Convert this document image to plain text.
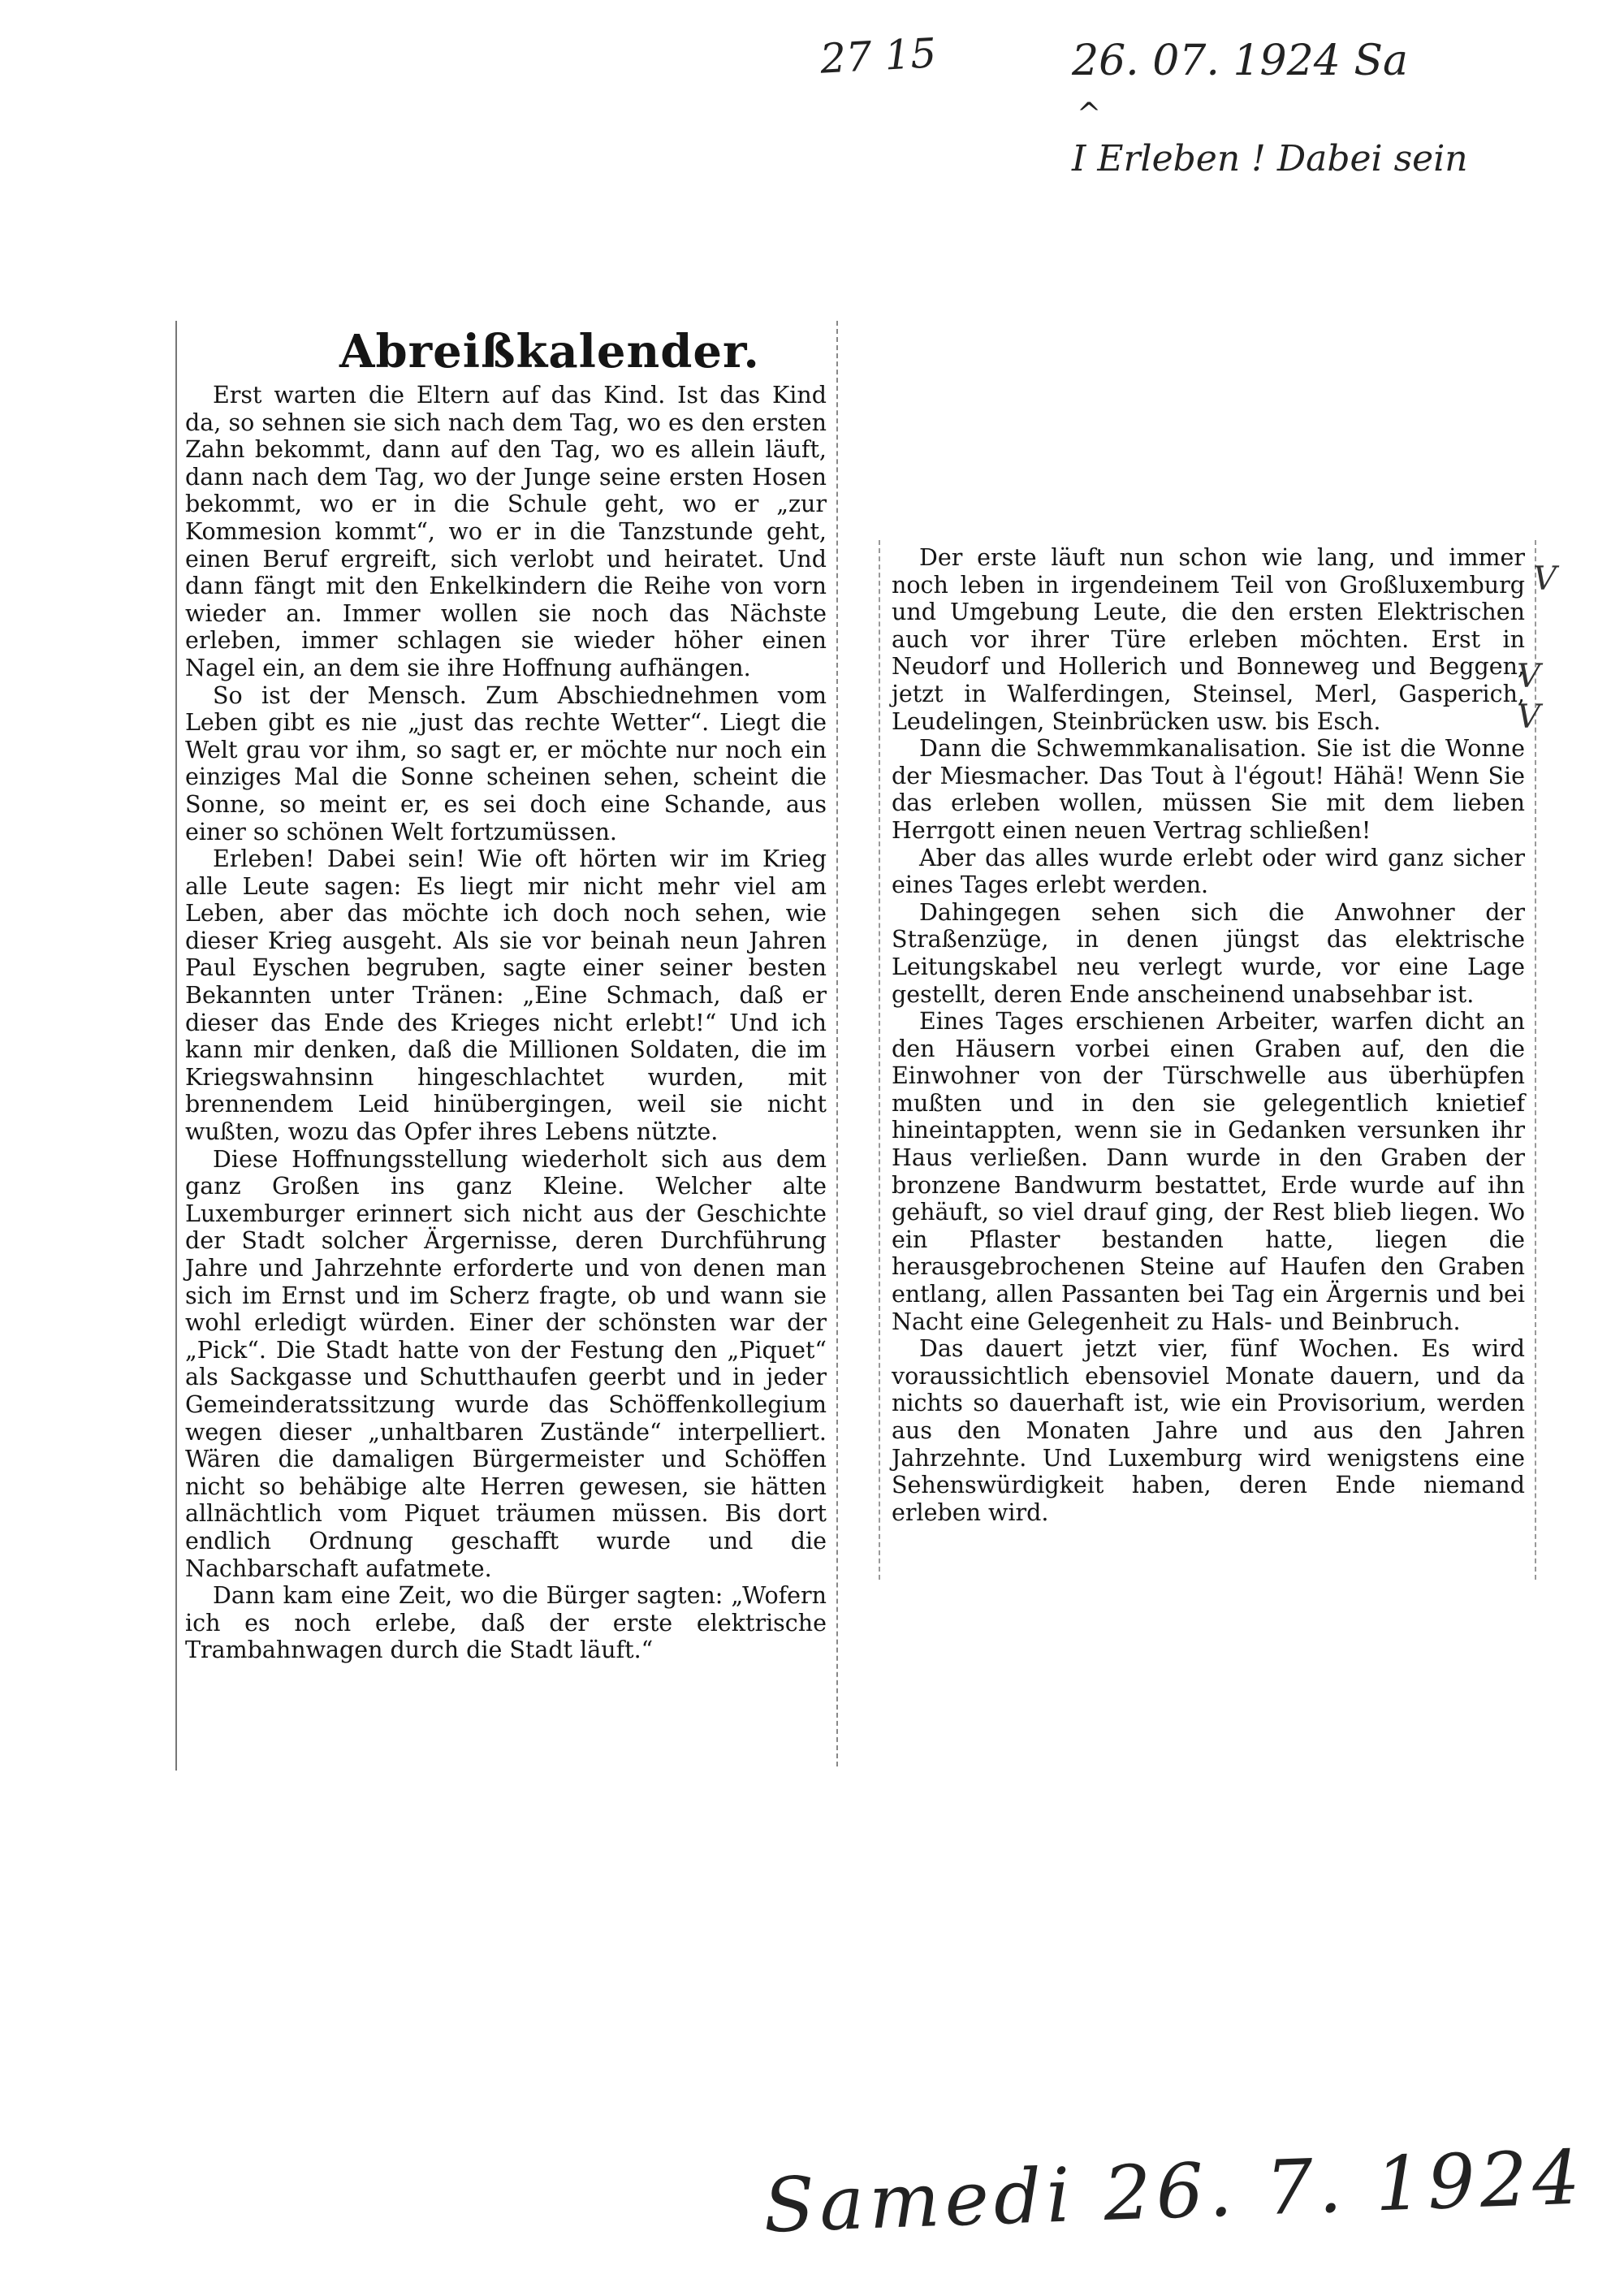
27 15	26. 07. 1924 Sa
^
I Erleben ! Dabei sein
Abreißkalender.

Erst warten die Eltern auf das Kind. Ist das Kind da, so sehnen sie sich nach dem Tag, wo es den ersten Zahn bekommt, dann auf den Tag, wo es allein läuft, dann nach dem Tag, wo der Junge seine ersten Hosen bekommt, wo er in die Schule geht, wo er „zur Kommesion kommt“, wo er in die Tanzstunde geht, einen Beruf ergreift, sich verlobt und heiratet. Und dann fängt mit den Enkelkindern die Reihe von vorn wieder an. Immer wollen sie noch das Nächste erleben, immer schlagen sie wieder höher einen Nagel ein, an dem sie ihre Hoffnung aufhängen.

So ist der Mensch. Zum Abschiednehmen vom Leben gibt es nie „just das rechte Wetter“. Liegt die Welt grau vor ihm, so sagt er, er möchte nur noch ein einziges Mal die Sonne scheinen sehen, scheint die Sonne, so meint er, es sei doch eine Schande, aus einer so schönen Welt fortzumüssen.

Erleben! Dabei sein! Wie oft hörten wir im Krieg alle Leute sagen: Es liegt mir nicht mehr viel am Leben, aber das möchte ich doch noch sehen, wie dieser Krieg ausgeht. Als sie vor beinah neun Jahren Paul Eyschen begruben, sagte einer seiner besten Bekannten unter Tränen: „Eine Schmach, daß er dieser das Ende des Krieges nicht erlebt!“ Und ich kann mir denken, daß die Millionen Soldaten, die im Kriegswahnsinn hingeschlachtet wurden, mit brennendem Leid hinübergingen, weil sie nicht wußten, wozu das Opfer ihres Lebens nützte.

Diese Hoffnungsstellung wiederholt sich aus dem ganz Großen ins ganz Kleine. Welcher alte Luxemburger erinnert sich nicht aus der Geschichte der Stadt solcher Ärgernisse, deren Durchführung Jahre und Jahrzehnte erforderte und von denen man sich im Ernst und im Scherz fragte, ob und wann sie wohl erledigt würden. Einer der schönsten war der „Pick“. Die Stadt hatte von der Festung den „Piquet“ als Sackgasse und Schutthaufen geerbt und in jeder Gemeinderatssitzung wurde das Schöffenkollegium wegen dieser „unhaltbaren Zustände“ interpelliert. Wären die damaligen Bürgermeister und Schöffen nicht so behäbige alte Herren gewesen, sie hätten allnächtlich vom Piquet träumen müssen. Bis dort endlich Ordnung geschafft wurde und die Nachbarschaft aufatmete.

Dann kam eine Zeit, wo die Bürger sagten: „Wofern ich es noch erlebe, daß der erste elektrische Trambahnwagen durch die Stadt läuft.“

Der erste läuft nun schon wie lang, und immer noch leben in irgendeinem Teil von Großluxemburg und Umgebung Leute, die den ersten Elektrischen auch vor ihrer Türe erleben möchten. Erst in Neudorf und Hollerich und Bonneweg und Beggen, jetzt in Walferdingen, Steinsel, Merl, Gasperich, Leudelingen, Steinbrücken usw. bis Esch.

Dann die Schwemmkanalisation. Sie ist die Wonne der Miesmacher. Das Tout à l'égout! Hähä! Wenn Sie das erleben wollen, müssen Sie mit dem lieben Herrgott einen neuen Vertrag schließen!

Aber das alles wurde erlebt oder wird ganz sicher eines Tages erlebt werden.

Dahingegen sehen sich die Anwohner der Straßenzüge, in denen jüngst das elektrische Leitungskabel neu verlegt wurde, vor eine Lage gestellt, deren Ende anscheinend unabsehbar ist.

Eines Tages erschienen Arbeiter, warfen dicht an den Häusern vorbei einen Graben auf, den die Einwohner von der Türschwelle aus überhüpfen mußten und in den sie gelegentlich knietief hineintappten, wenn sie in Gedanken versunken ihr Haus verließen. Dann wurde in den Graben der bronzene Bandwurm bestattet, Erde wurde auf ihn gehäuft, so viel drauf ging, der Rest blieb liegen. Wo ein Pflaster bestanden hatte, liegen die herausgebrochenen Steine auf Haufen den Graben entlang, allen Passanten bei Tag ein Ärgernis und bei Nacht eine Gelegenheit zu Hals- und Beinbruch.

Das dauert jetzt vier, fünf Wochen. Es wird voraussichtlich ebensoviel Monate dauern, und da nichts so dauerhaft ist, wie ein Provisorium, werden aus den Monaten Jahre und aus den Jahren Jahrzehnte. Und Luxemburg wird wenigstens eine Sehenswürdigkeit haben, deren Ende niemand erleben wird.

V
V
V
Samedi 26. 7. 1924
